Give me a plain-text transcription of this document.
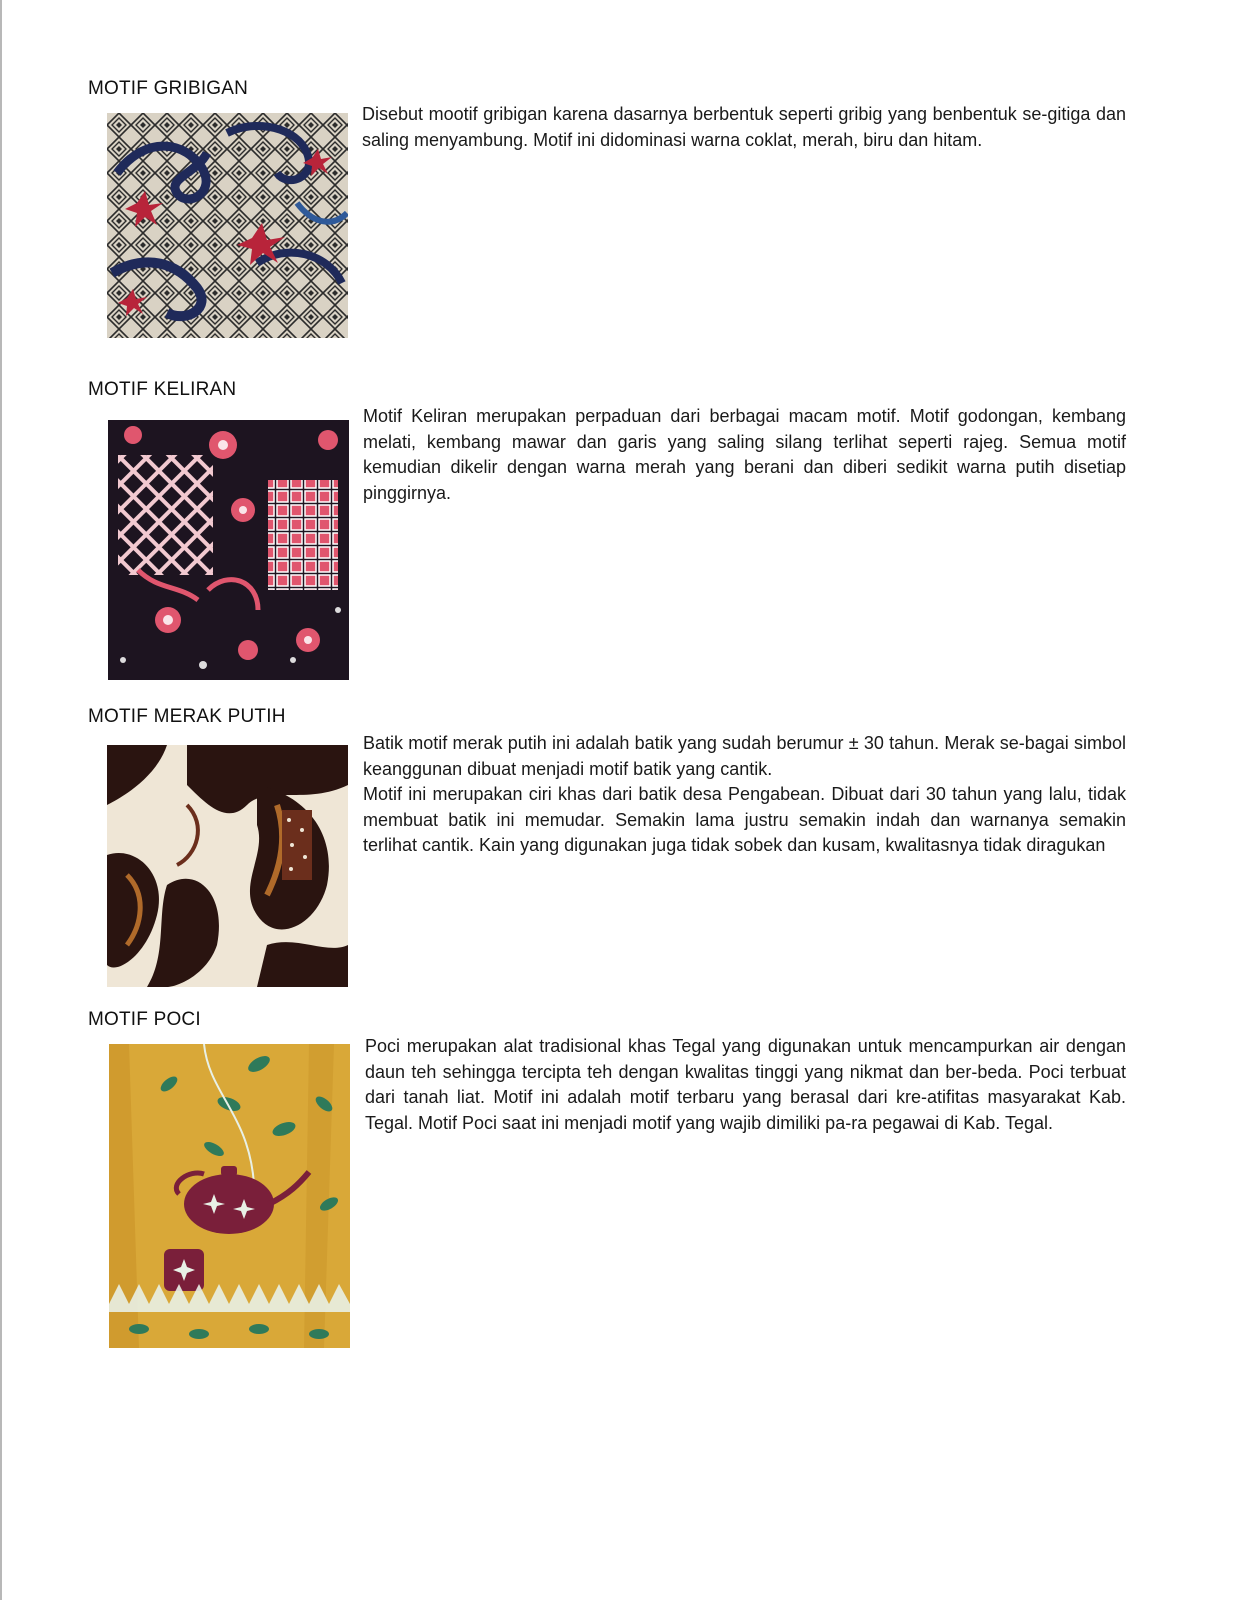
MOTIF GRIBIGAN

Disebut mootif gribigan karena dasarnya berbentuk seperti gribig yang benbentuk se-gitiga dan saling menyambung. Motif ini didominasi warna coklat, merah, biru dan hitam.

MOTIF KELIRAN

Motif Keliran merupakan perpaduan dari berbagai macam motif. Motif godongan, kembang melati, kembang mawar dan garis yang saling silang terlihat seperti rajeg. Semua motif kemudian dikelir dengan warna merah yang berani dan diberi sedikit warna putih disetiap pinggirnya.

MOTIF MERAK PUTIH

Batik motif merak putih ini adalah batik yang sudah berumur ± 30 tahun. Merak se-bagai simbol keanggunan dibuat menjadi motif batik yang cantik.

Motif ini merupakan ciri khas dari batik desa Pengabean. Dibuat dari 30 tahun yang lalu, tidak membuat batik ini memudar. Semakin lama justru semakin indah dan warnanya semakin terlihat cantik. Kain yang digunakan juga tidak sobek dan kusam, kwalitasnya tidak diragukan

MOTIF POCI

Poci merupakan alat tradisional khas Tegal yang digunakan untuk mencampurkan air dengan daun teh sehingga tercipta teh dengan kwalitas tinggi yang nikmat dan ber-beda. Poci terbuat dari tanah liat. Motif ini adalah motif terbaru yang berasal dari kre-atifitas masyarakat Kab. Tegal. Motif Poci saat ini menjadi motif yang wajib dimiliki pa-ra pegawai di Kab. Tegal.
